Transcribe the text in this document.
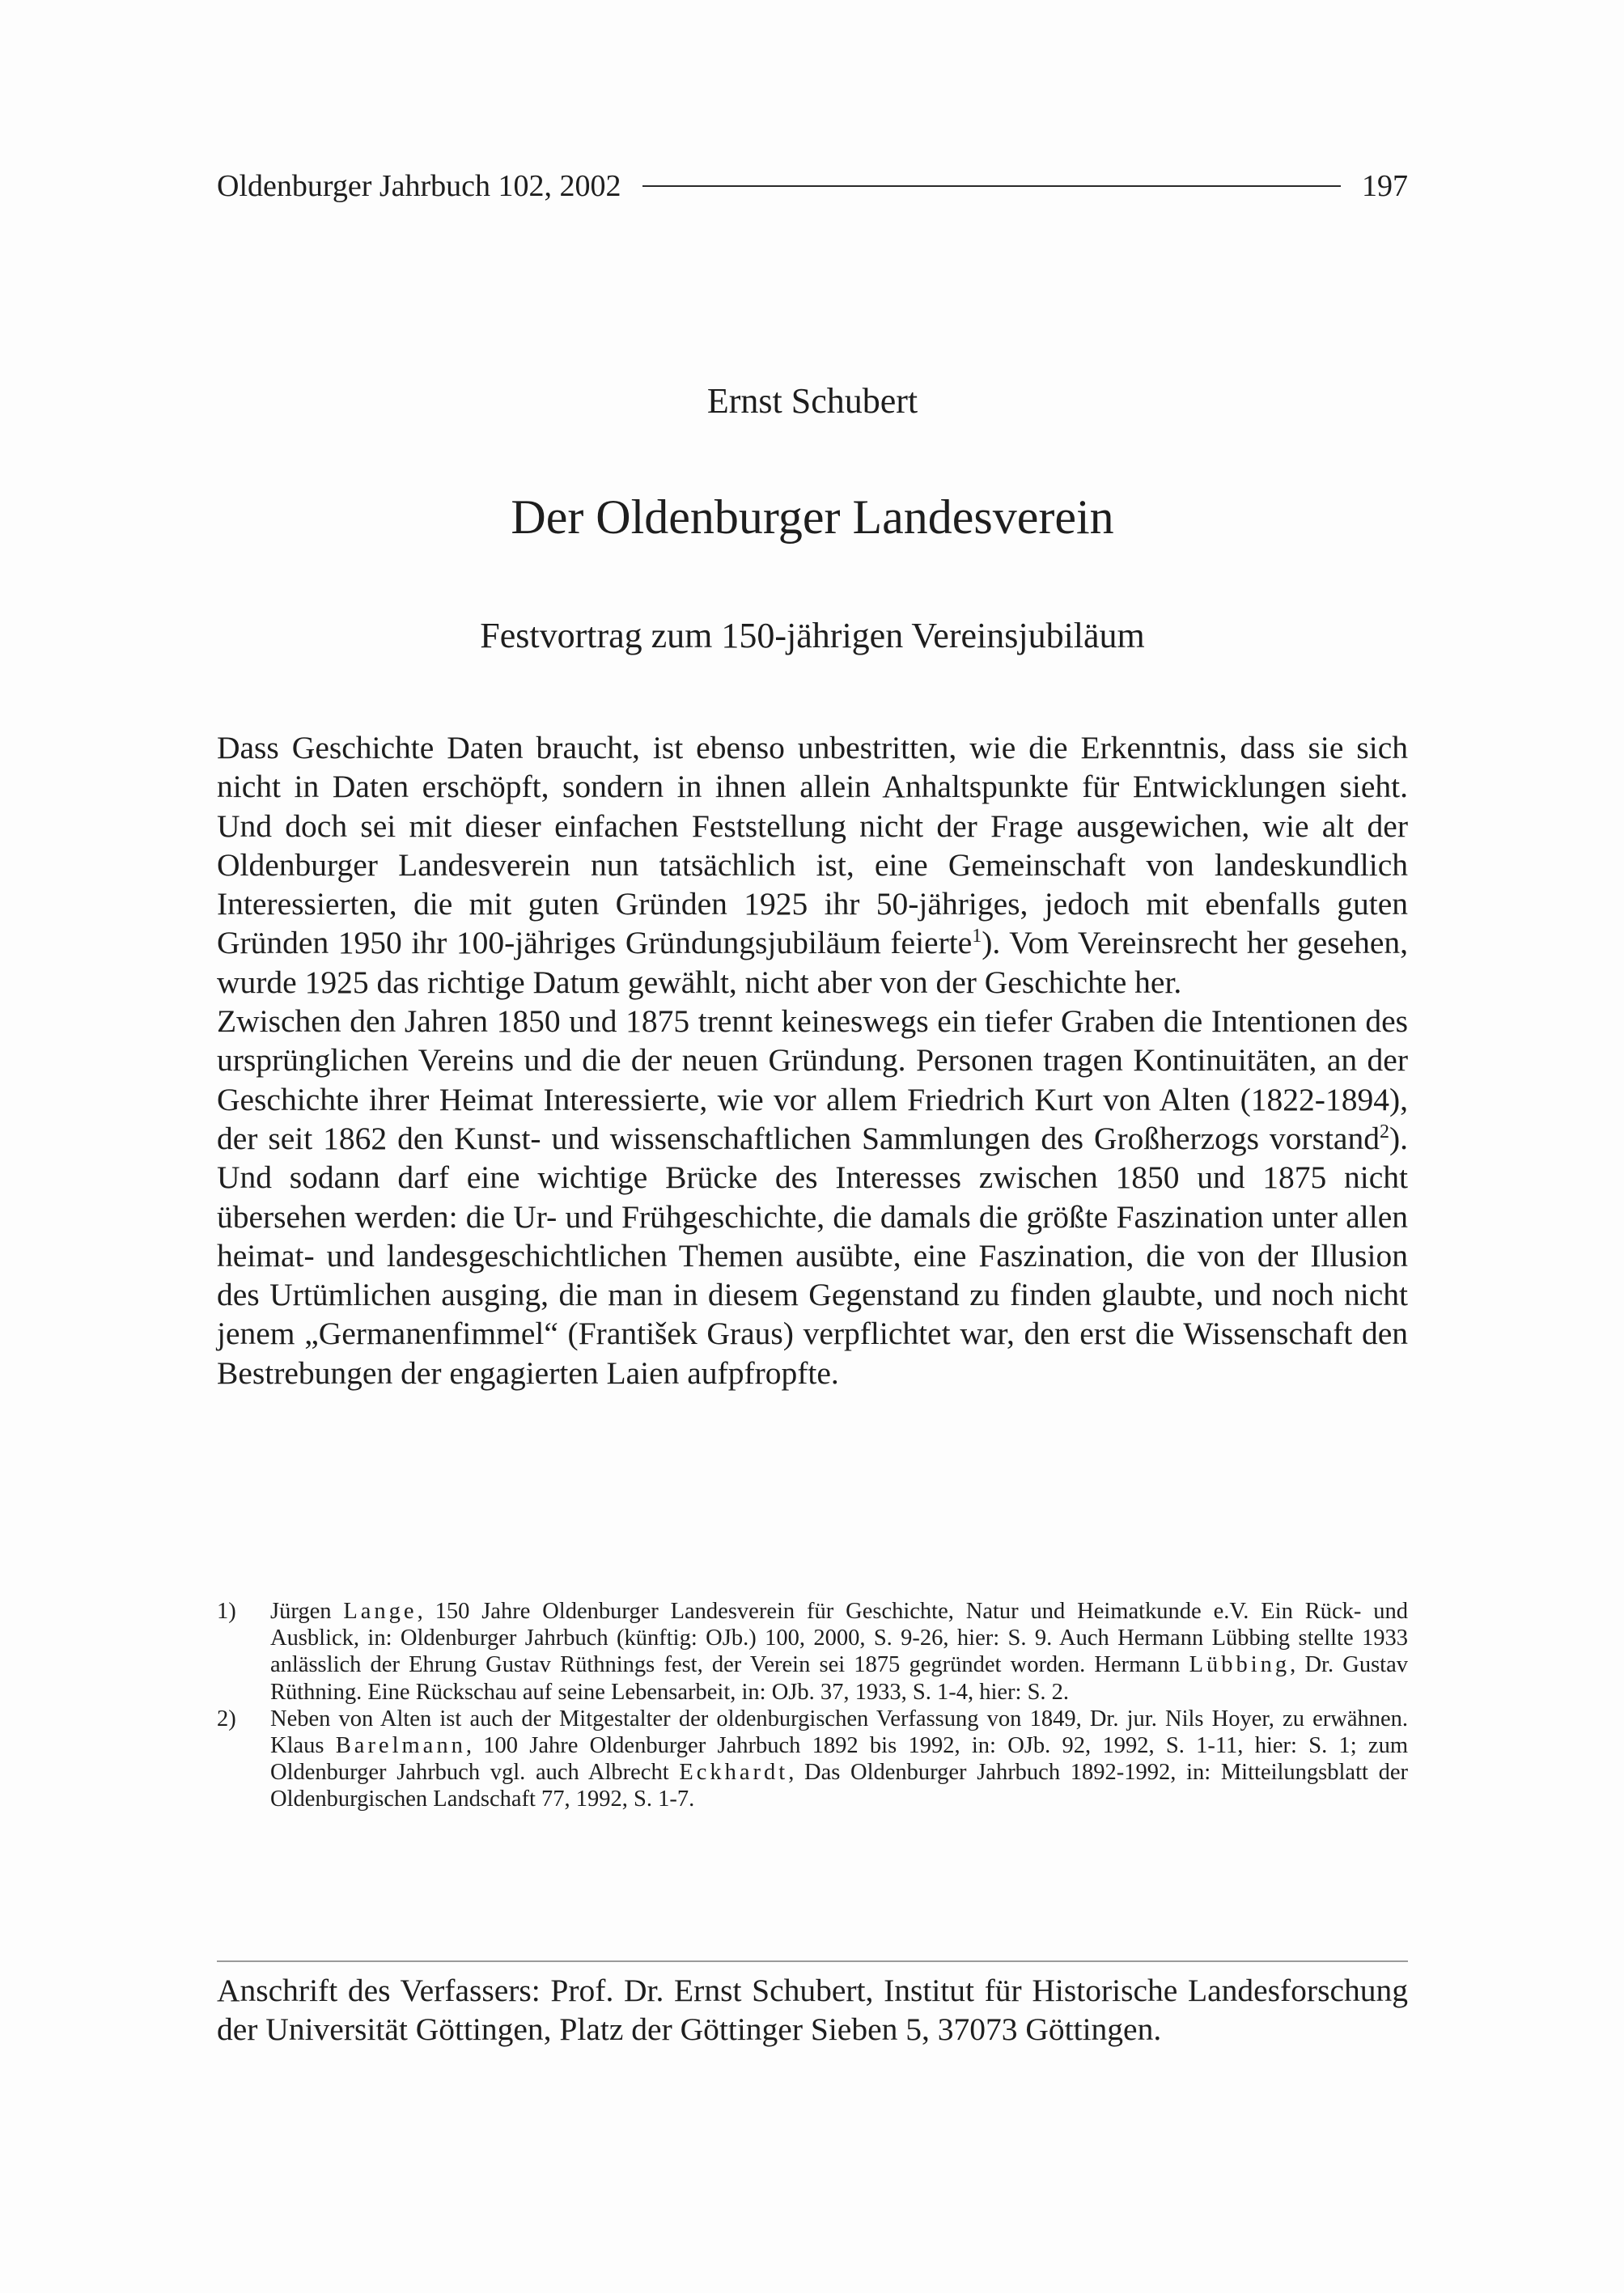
Oldenburger Jahrbuch 102, 2002	197
Ernst Schubert
Der Oldenburger Landesverein
Festvortrag zum 150-jährigen Vereinsjubiläum

Dass Geschichte Daten braucht, ist ebenso unbestritten, wie die Erkenntnis, dass sie sich nicht in Daten erschöpft, sondern in ihnen allein Anhaltspunkte für Entwicklungen sieht. Und doch sei mit dieser einfachen Feststellung nicht der Frage ausgewichen, wie alt der Oldenburger Landesverein nun tatsächlich ist, eine Gemeinschaft von landeskundlich Interessierten, die mit guten Gründen 1925 ihr 50-jähriges, jedoch mit ebenfalls guten Gründen 1950 ihr 100-jähriges Gründungsjubiläum feierte$^1$). Vom Vereinsrecht her gesehen, wurde 1925 das richtige Datum gewählt, nicht aber von der Geschichte her.

Zwischen den Jahren 1850 und 1875 trennt keineswegs ein tiefer Graben die Intentionen des ursprünglichen Vereins und die der neuen Gründung. Personen tragen Kontinuitäten, an der Geschichte ihrer Heimat Interessierte, wie vor allem Friedrich Kurt von Alten (1822-1894), der seit 1862 den Kunst- und wissenschaftlichen Sammlungen des Großherzogs vorstand$^2$). Und sodann darf eine wichtige Brücke des Interesses zwischen 1850 und 1875 nicht übersehen werden: die Ur- und Frühgeschichte, die damals die größte Faszination unter allen heimat- und landesgeschichtlichen Themen ausübte, eine Faszination, die von der Illusion des Urtümlichen ausging, die man in diesem Gegenstand zu finden glaubte, und noch nicht jenem „Germanenfimmel“ (František Graus) verpflichtet war, den erst die Wissenschaft den Bestrebungen der engagierten Laien aufpfropfte.

1)	Jürgen Lange, 150 Jahre Oldenburger Landesverein für Geschichte, Natur und Heimatkunde e.V. Ein Rück- und Ausblick, in: Oldenburger Jahrbuch (künftig: OJb.) 100, 2000, S. 9-26, hier: S. 9. Auch Hermann Lübbing stellte 1933 anlässlich der Ehrung Gustav Rüthnings fest, der Verein sei 1875 gegründet worden. Hermann Lübbing, Dr. Gustav Rüthning. Eine Rückschau auf seine Lebensarbeit, in: OJb. 37, 1933, S. 1-4, hier: S. 2.
2)	Neben von Alten ist auch der Mitgestalter der oldenburgischen Verfassung von 1849, Dr. jur. Nils Hoyer, zu erwähnen. Klaus Barelmann, 100 Jahre Oldenburger Jahrbuch 1892 bis 1992, in: OJb. 92, 1992, S. 1-11, hier: S. 1; zum Oldenburger Jahrbuch vgl. auch Albrecht Eckhardt, Das Oldenburger Jahrbuch 1892-1992, in: Mitteilungsblatt der Oldenburgischen Landschaft 77, 1992, S. 1-7.
Anschrift des Verfassers: Prof. Dr. Ernst Schubert, Institut für Historische Landesforschung der Universität Göttingen, Platz der Göttinger Sieben 5, 37073 Göttingen.
